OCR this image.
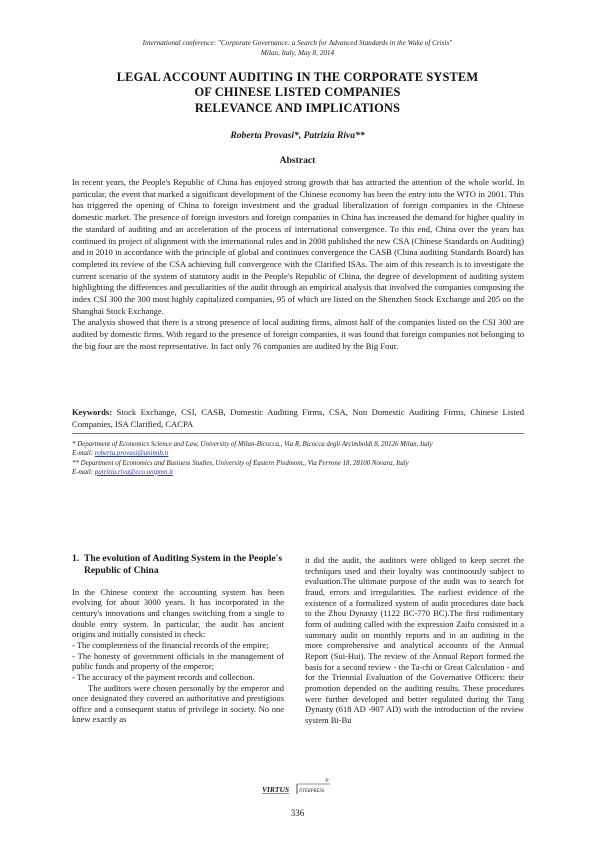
International conference: "Corporate Governance: a Search for Advanced Standards in the Wake of Crisis"
Milan, Italy, May 8, 2014
LEGAL ACCOUNT AUDITING IN THE CORPORATE SYSTEM
OF CHINESE LISTED COMPANIES
RELEVANCE AND IMPLICATIONS
Roberta Provasi*, Patrizia Riva**
Abstract

In recent years, the People's Republic of China has enjoyed strong growth that has attracted the attention of the whole world. In particular, the event that marked a significant development of the Chinese economy has been the entry into the WTO in 2001. This has triggered the opening of China to foreign investment and the gradual liberalization of foreign companies in the Chinese domestic market. The presence of foreign investors and foreign companies in China has increased the demand for higher quality in the standard of auditing and an acceleration of the process of international convergence. To this end, China over the years has continued its project of alignment with the international rules and in 2008 published the new CSA (Chinese Standards on Auditing) and in 2010 in accordance with the principle of global and continues convergence the CASB (China auditing Standards Board) has completed its review of the CSA achieving full convergence with the Clarified ISAs. The aim of this research is to investigate the current scenario of the system of statutory audit in the People's Republic of China, the degree of development of auditing system highlighting the differences and peculiarities of the audit through an empirical analysis that involved the companies composing the index CSI 300 the 300 most highly capitalized companies, 95 of which are listed on the Shenzhen Stock Exchange and 205 on the Shanghai Stock Exchange.

The analysis showed that there is a strong presence of local auditing firms, almost half of the companies listed on the CSI 300 are audited by domestic firms. With regard to the presence of foreign companies, it was found that foreign companies not belonging to the big four are the most representative. In fact only 76 companies are audited by the Big Four.

Keywords: Stock Exchange, CSI, CASB, Domestic Auditing Firms, CSA, Non Domestic Auditing Firms, Chinese Listed Companies, ISA Clarified, CACPA
* Department of Economics Science and Law, University of Milan-Bicocca,, Via R, Bicocca degli Arcimboldi 8, 20126 Milan, Italy
E-mail: roberta.provasi@unimib.it
** Department of Economics and Business Studies, University of Eastern Piedmont,, Via Perrone 18, 28100 Novara, Italy
E-mail: patrizia.riva@eco.unipmn.it
1. The evolution of Auditing System in the People's Republic of China

In the Chinese context the accounting system has been evolving for about 3000 years. It has incorporated in the century's innovations and changes switching from a single to double entry system. In particular, the audit has ancient origins and initially consisted in check:

- The completeness of the financial records of the empire;

- The honesty of government officials in the management of public funds and property of the emperor;

- The accuracy of the payment records and collection.

The auditors were chosen personally by the emperor and once designated they covered an authoritative and prestigious office and a consequent status of privilege in society. No one knew exactly as

it did the audit, the auditors were obliged to keep secret the techniques used and their loyalty was continuously subject to evaluation.The ultimate purpose of the audit was to search for fraud, errors and irregularities. The earliest evidence of the existence of a formalized system of audit procedures date back to the Zhou Dynasty (1122 BC-770 BC).The first rudimentary form of auditing called with the expression Zaifu consisted in a summary audit on monthly reports and in an auditing in the more comprehensive and analytical accounts of the Annual Report (Sui-Hui). The review of the Annual Report formed the basis for a second review - the Ta-chi or Great Calculation - and for the Triennial Evaluation of the Governative Officers: their promotion depended on the auditing results. These procedures were further developed and better regulated during the Tang Dynasty (618 AD -907 AD) with the introduction of the review system Bi-Bu

VIRTUS NTERPRESS
®
336
